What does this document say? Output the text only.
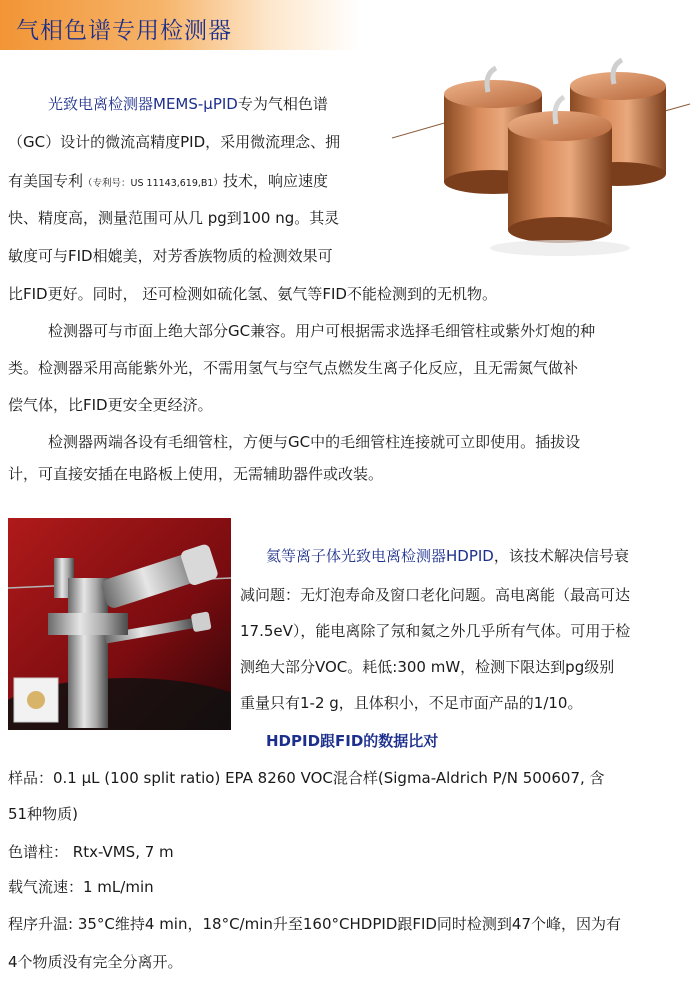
气相色谱专用检测器
光致电离检测器MEMS-μPID专为气相色谱
（GC）设计的微流高精度PID，采用微流理念、拥
有美国专利（专利号：US 11143,619,B1）技术，响应速度
快、精度高，测量范围可从几 pg到100 ng。其灵
敏度可与FID相媲美，对芳香族物质的检测效果可
比FID更好。同时， 还可检测如硫化氢、氨气等FID不能检测到的无机物。
检测器可与市面上绝大部分GC兼容。用户可根据需求选择毛细管柱或紫外灯炮的种
类。检测器采用高能紫外光，不需用氢气与空气点燃发生离子化反应，且无需氮气做补
偿气体，比FID更安全更经济。
检测器两端各设有毛细管柱，方便与GC中的毛细管柱连接就可立即使用。插拔设
计，可直接安插在电路板上使用，无需辅助器件或改装。
氦等离子体光致电离检测器HDPID，该技术解决信号衰
减问题：无灯泡寿命及窗口老化问题。高电离能（最高可达
17.5eV），能电离除了氖和氦之外几乎所有气体。可用于检
测绝大部分VOC。耗低:300 mW，检测下限达到pg级别
重量只有1-2 g，且体积小，不足市面产品的1/10。
HDPID跟FID的数据比对
样品：0.1 μL (100 split ratio) EPA 8260 VOC混合样(Sigma-Aldrich P/N 500607, 含
51种物质)
色谱柱： Rtx-VMS, 7 m
载气流速：1 mL/min
程序升温: 35°C维持4 min，18°C/min升至160°CHDPID跟FID同时检测到47个峰，因为有
4个物质没有完全分离开。
